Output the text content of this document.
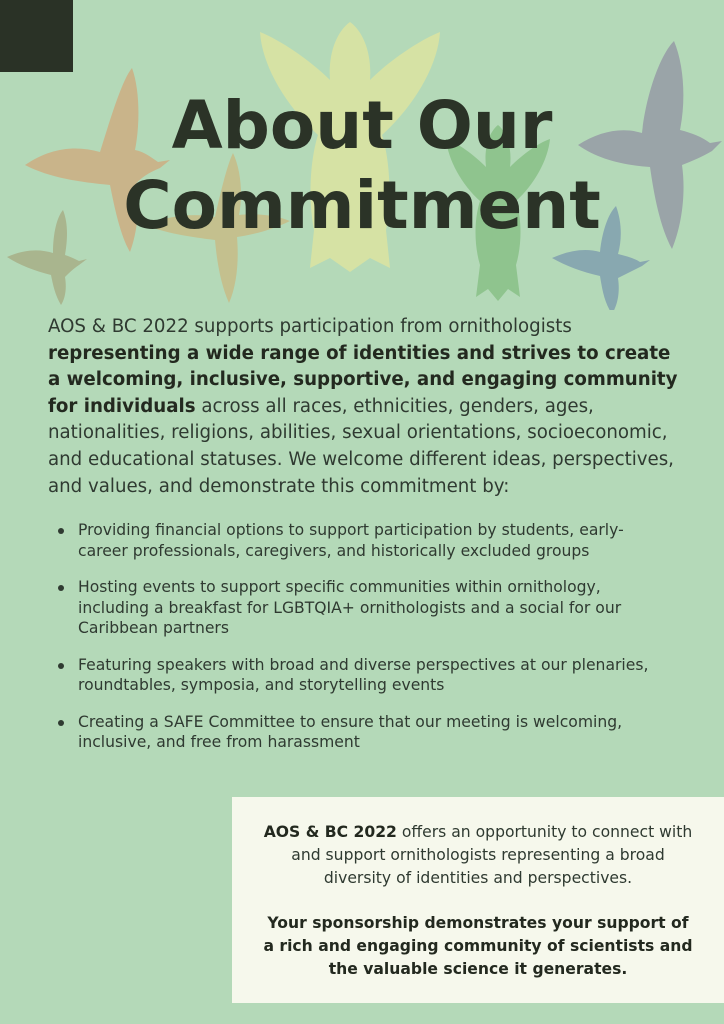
About Our
Commitment

AOS & BC 2022 supports participation from ornithologists representing a wide range of identities and strives to create a welcoming, inclusive, supportive, and engaging community for individuals across all races, ethnicities, genders, ages, nationalities, religions, abilities, sexual orientations, socioeconomic, and educational statuses. We welcome different ideas, perspectives, and values, and demonstrate this commitment by:

Providing financial options to support participation by students, early-career professionals, caregivers, and historically excluded groups
Hosting events to support specific communities within ornithology, including a breakfast for LGBTQIA+ ornithologists and a social for our Caribbean partners
Featuring speakers with broad and diverse perspectives at our plenaries, roundtables, symposia, and storytelling events
Creating a SAFE Committee to ensure that our meeting is welcoming, inclusive, and free from harassment

AOS & BC 2022 offers an opportunity to connect with and support ornithologists representing a broad diversity of identities and perspectives.

Your sponsorship demonstrates your support of a rich and engaging community of scientists and the valuable science it generates.
